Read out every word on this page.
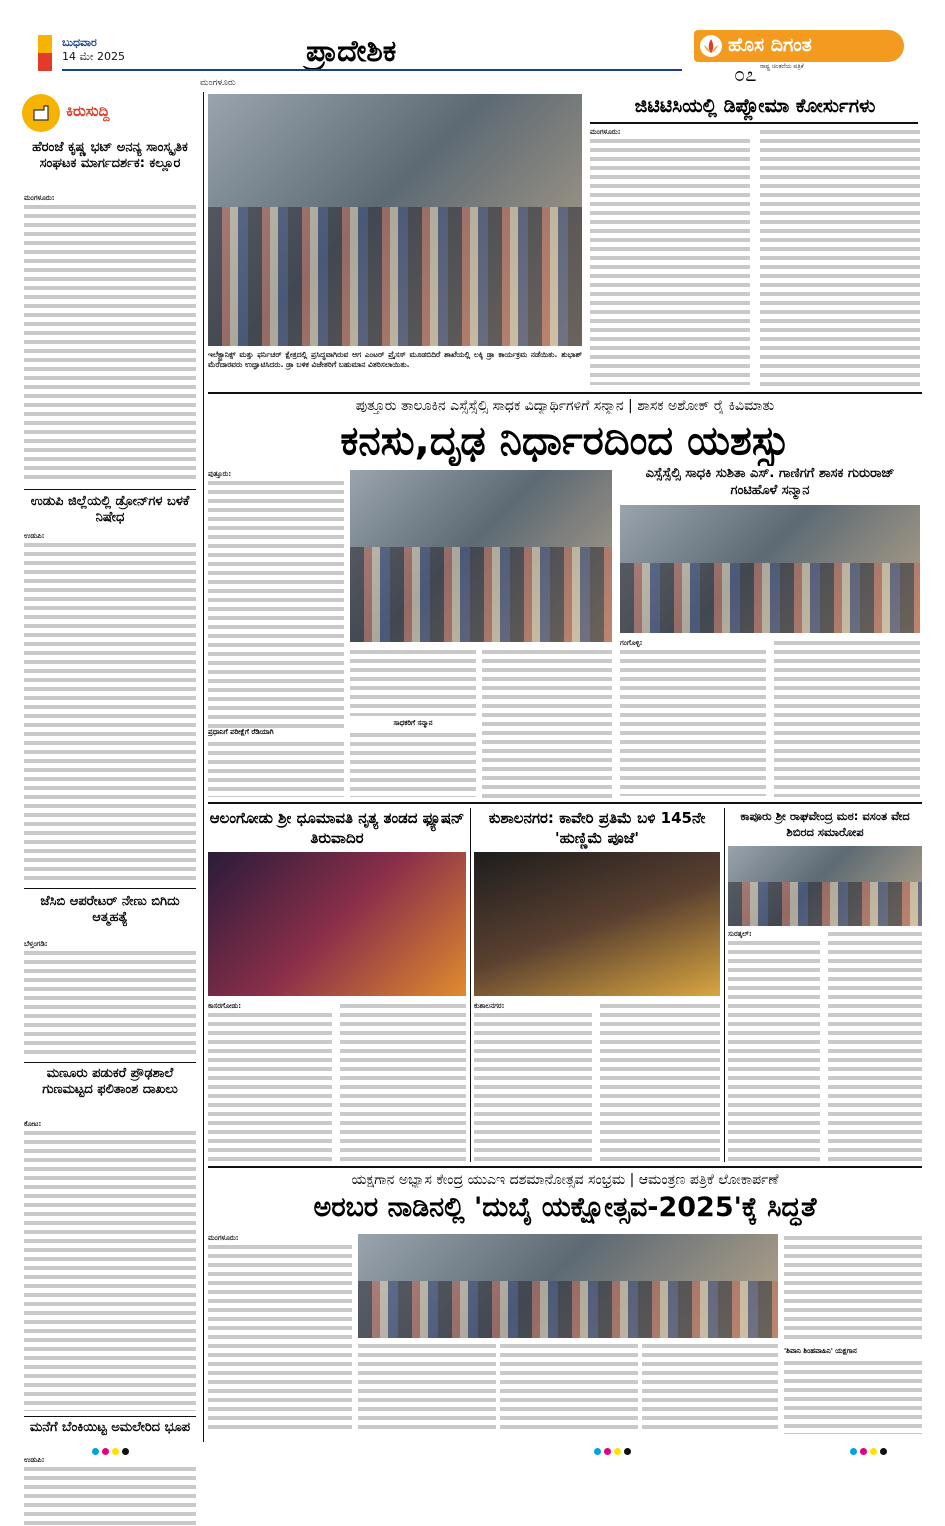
ಬುಧವಾರ
14 ಮೇ 2025
ಮಂಗಳೂರು
ಪ್ರಾದೇಶಿಕ	ಹೊಸ ದಿಗಂತ
ರಾಷ್ಟ್ರ ಚಿಂತನೆಯ ಪತ್ರಿಕೆ
೦೭
ಕಿರುಸುದ್ದಿ
ಹೆರಂಜೆ ಕೃಷ್ಣ ಭಟ್ ಅನನ್ಯ ಸಾಂಸ್ಕೃತಿಕ ಸಂಘಟಕ ಮಾರ್ಗದರ್ಶಕ: ಕಲ್ಲೂರ
ಮಂಗಳೂರು:
ಉಡುಪಿ ಜಿಲ್ಲೆಯಲ್ಲಿ ಡ್ರೋನ್‌ಗಳ ಬಳಕೆ ನಿಷೇಧ
ಉಡುಪಿ:
ಜೆಸಿಬಿ ಆಪರೇಟರ್ ನೇಣು ಬಿಗಿದು ಆತ್ಮಹತ್ಯೆ
ಬೆಳ್ತಂಗಡಿ:
ಮಣೂರು ಪಡುಕರೆ ಪ್ರೌಢಶಾಲೆ ಗುಣಮಟ್ಟದ ಫಲಿತಾಂಶ ದಾಖಲು
ಕೋಟ:
ಮನೆಗೆ ಬೆಂಕಿಯಿಟ್ಟ ಅಮಲೇರಿದ ಭೂಪ
ಉಡುಪಿ:
ಇಲೆಕ್ಟ್ರಾನಿಕ್ಸ್ ಮತ್ತು ಫರ್ನಿಚರ್ ಕ್ಷೇತ್ರದಲ್ಲಿ ಪ್ರಸಿದ್ಧವಾಗಿರುವ ಆಗ ಎಂಟರ್ ಪ್ರೈಸಸ್ ಮೂಡಬಿದಿರೆ ಶಾಖೆಯಲ್ಲಿ ಲಕ್ಕಿ ಡ್ರಾ ಕಾರ್ಯಕ್ರಮ ನಡೆಯಿತು. ಶುಭಾಶ್ ಮೆರೆದಾರವರು ಉದ್ಘಾಟಿಸಿದರು. ಡ್ರಾ ಬಳಿಕ ವಿಜೇತರಿಗೆ ಬಹುಮಾನ ವಿತರಿಸಲಾಯಿತು.
ಜಿಟಿಟಿಸಿಯಲ್ಲಿ ಡಿಪ್ಲೋಮಾ ಕೋರ್ಸುಗಳು
ಮಂಗಳೂರು:
ಪುತ್ತೂರು ತಾಲೂಕಿನ ಎಸ್ಸೆಸ್ಸೆಲ್ಸಿ ಸಾಧಕ ವಿದ್ಯಾರ್ಥಿಗಳಿಗೆ ಸನ್ಮಾನ | ಶಾಸಕ ಅಶೋಕ್ ರೈ ಕಿವಿಮಾತು
ಕನಸು,ದೃಢ ನಿರ್ಧಾರದಿಂದ ಯಶಸ್ಸು
ಪುತ್ತೂರು:
ಸಾಧಕರಿಗೆ ಸನ್ಮಾನ
ಪ್ರಧಾನಿಗೆ ಪರೀಕ್ಷೆಗೆ ರೆಡಿಯಾಗಿ
ಎಸ್ಸೆಸ್ಸೆಲ್ಸಿ ಸಾಧಕಿ ಸುಶಿತಾ ಎಸ್. ಗಾಣಿಗಗೆ ಶಾಸಕ ಗುರುರಾಜ್ ಗಂಟಿಹೊಳೆ ಸನ್ಮಾನ
ಗಂಗೊಳ್ಳಿ:
ಆಲಂಗೋಡು ಶ್ರೀ ಧೂಮಾವತಿ ನೃತ್ಯ ತಂಡದ ಫ್ಯೂಷನ್ ತಿರುವಾದಿರ
ಕಾಸರಗೋಡು:
ಕುಶಾಲನಗರ: ಕಾವೇರಿ ಪ್ರತಿಮೆ ಬಳಿ 145ನೇ 'ಹುಣ್ಣಿಮೆ ಪೂಜೆ'
ಕುಶಾಲನಗರ:
ಕಾಪೂರು ಶ್ರೀ ರಾಘವೇಂದ್ರ ಮಠ: ವಸಂತ ವೇದ ಶಿಬಿರದ ಸಮಾರೋಪ
ಸುರತ್ಕಲ್:
ಯಕ್ಷಗಾನ ಅಭ್ಯಾಸ ಕೇಂದ್ರ ಯುಎಇ ದಶಮಾನೋತ್ಸವ ಸಂಭ್ರಮ | ಆಮಂತ್ರಣ ಪತ್ರಿಕೆ ಲೋಕಾರ್ಪಣೆ
ಅರಬರ ನಾಡಿನಲ್ಲಿ 'ದುಬೈ ಯಕ್ಷೋತ್ಸವ-2025'ಕ್ಕೆ ಸಿದ್ಧತೆ
ಮಂಗಳೂರು:
'ಶಿವಾನಿ ಶಿಂಹವಾಹಿನಿ' ಯಕ್ಷಗಾನ
